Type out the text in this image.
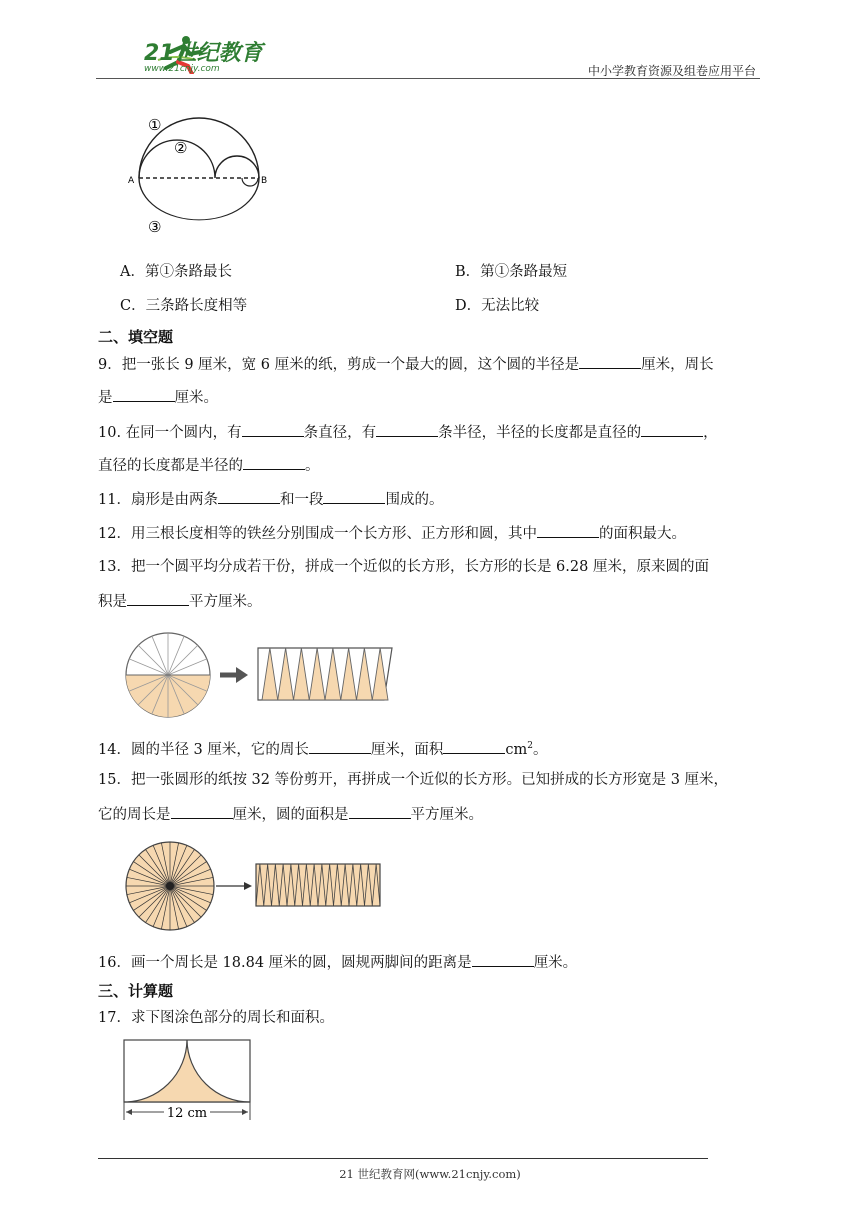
21世纪教育
www.21cnjy.com	中小学教育资源及组卷应用平台
①
②
③
A	B
A．第①条路最长	B．第①条路最短
C．三条路长度相等	D．无法比较
二、填空题
9．把一张长 9 厘米，宽 6 厘米的纸，剪成一个最大的圆，这个圆的半径是	厘米，周长
是	厘米。
10. 在同一个圆内，有	条直径，有	条半径，半径的长度都是直径的	，
直径的长度都是半径的	。
11．扇形是由两条	和一段	围成的。
12．用三根长度相等的铁丝分别围成一个长方形、正方形和圆，其中	的面积最大。
13．把一个圆平均分成若干份，拼成一个近似的长方形，长方形的长是 6.28 厘米，原来圆的面
积是	平方厘米。
14．圆的半径 3 厘米，它的周长	厘米，面积	$cm^2$。
15．把一张圆形的纸按 32 等份剪开，再拼成一个近似的长方形。已知拼成的长方形宽是 3 厘米，
它的周长是	厘米，圆的面积是	平方厘米。
16．画一个周长是 18.84 厘米的圆，圆规两脚间的距离是	厘米。
三、计算题
17．求下图涂色部分的周长和面积。
12 cm
21 世纪教育网(www.21cnjy.com)
